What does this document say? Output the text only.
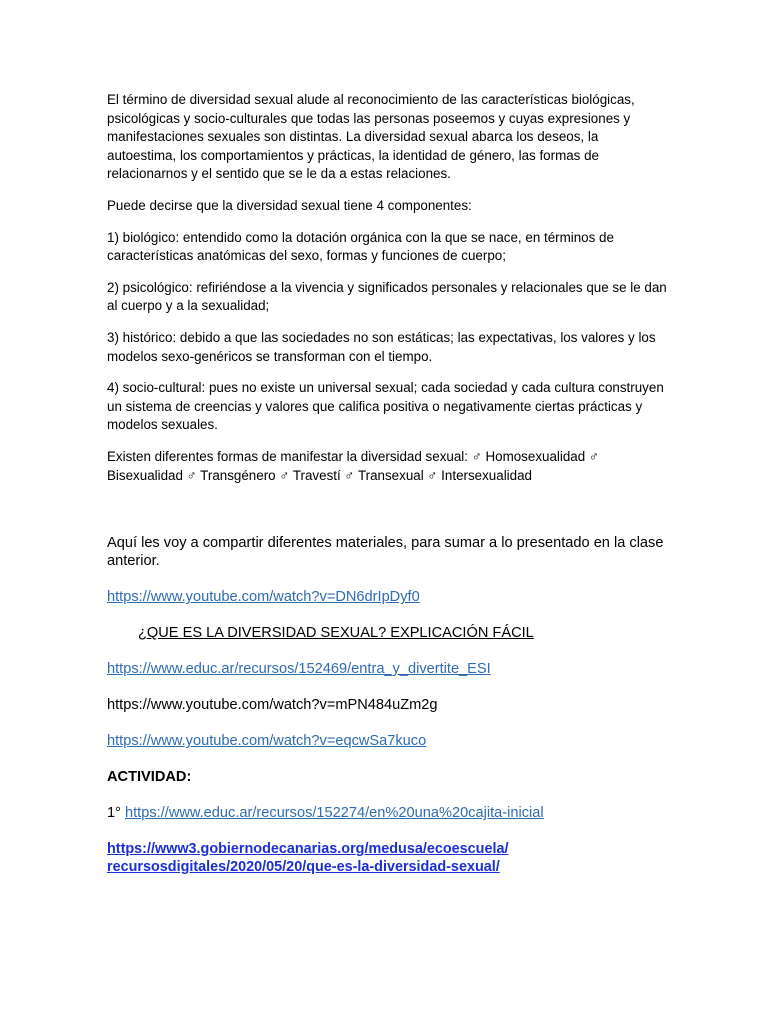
El término de diversidad sexual alude al reconocimiento de las características biológicas, psicológicas y socio-culturales que todas las personas poseemos y cuyas expresiones y manifestaciones sexuales son distintas. La diversidad sexual abarca los deseos, la autoestima, los comportamientos y prácticas, la identidad de género, las formas de relacionarnos y el sentido que se le da a estas relaciones.

Puede decirse que la diversidad sexual tiene 4 componentes:

1) biológico: entendido como la dotación orgánica con la que se nace, en términos de características anatómicas del sexo, formas y funciones de cuerpo;

2) psicológico: refiriéndose a la vivencia y significados personales y relacionales que se le dan al cuerpo y a la sexualidad;

3) histórico: debido a que las sociedades no son estáticas; las expectativas, los valores y los modelos sexo-genéricos se transforman con el tiempo.

4) socio-cultural: pues no existe un universal sexual; cada sociedad y cada cultura construyen un sistema de creencias y valores que califica positiva o negativamente ciertas prácticas y modelos sexuales.

Existen diferentes formas de manifestar la diversidad sexual: ♂ Homosexualidad ♂ Bisexualidad ♂ Transgénero ♂ Travestí ♂ Transexual ♂ Intersexualidad

Aquí les voy a compartir diferentes materiales, para sumar a lo presentado en la clase anterior.

https://www.youtube.com/watch?v=DN6drIpDyf0

¿QUE ES LA DIVERSIDAD SEXUAL? EXPLICACIÓN FÁCIL

https://www.educ.ar/recursos/152469/entra_y_divertite_ESI

https://www.youtube.com/watch?v=mPN484uZm2g

https://www.youtube.com/watch?v=eqcwSa7kuco

ACTIVIDAD:

1° https://www.educ.ar/recursos/152274/en%20una%20cajita-inicial

https://www3.gobiernodecanarias.org/medusa/ecoescuela/
recursosdigitales/2020/05/20/que-es-la-diversidad-sexual/
